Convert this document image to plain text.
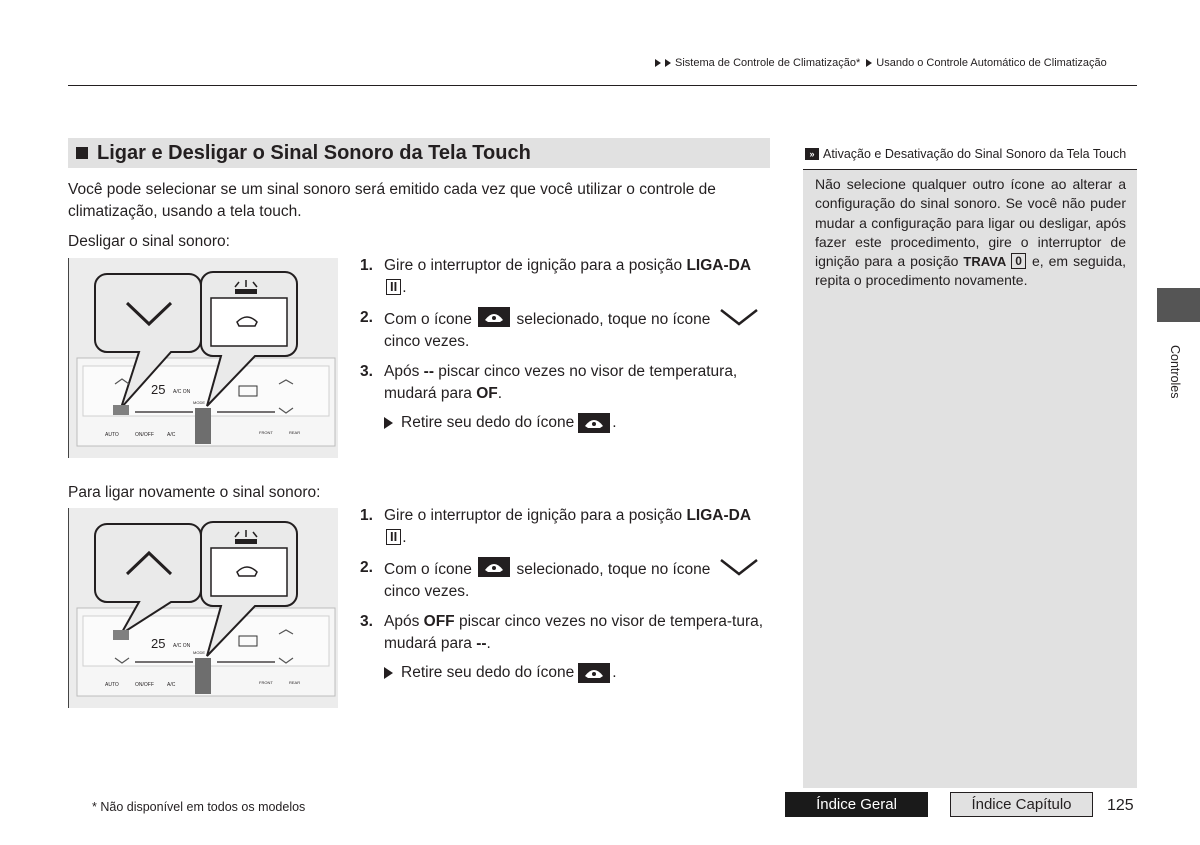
Sistema de Controle de Climatização* Usando o Controle Automático de Climatização
Ligar e Desligar o Sinal Sonoro da Tela Touch
Você pode selecionar se um sinal sonoro será emitido cada vez que você utilizar o controle de climatização, usando a tela touch.
Desligar o sinal sonoro:
25 A/C ON
AUTO	ON/OFF	A/C
MODE
FRONT	REAR
1. Gire o interruptor de ignição para a posição LIGA-DA II .
2. Com o ícone	selecionado, toque no ícone
cinco vezes.
3. Após -- piscar cinco vezes no visor de temperatura, mudará para OF.
Retire seu dedo do ícone .
Para ligar novamente o sinal sonoro:
25 A/C ON
AUTO	ON/OFF	A/C
MODE
FRONT	REAR
1. Gire o interruptor de ignição para a posição LIGA-DA II .
2. Com o ícone	selecionado, toque no ícone
cinco vezes.
3. Após OFF piscar cinco vezes no visor de tempera-tura, mudará para --.
Retire seu dedo do ícone .
» Ativação e Desativação do Sinal Sonoro da Tela Touch
Não selecione qualquer outro ícone ao alterar a configuração do sinal sonoro. Se você não puder mudar a configuração para ligar ou desligar, após fazer este procedimento, gire o interruptor de ignição para a posição TRAVA 0 e, em seguida, repita o procedimento novamente.
Controles
* Não disponível em todos os modelos	Índice Geral	Índice Capítulo	125
